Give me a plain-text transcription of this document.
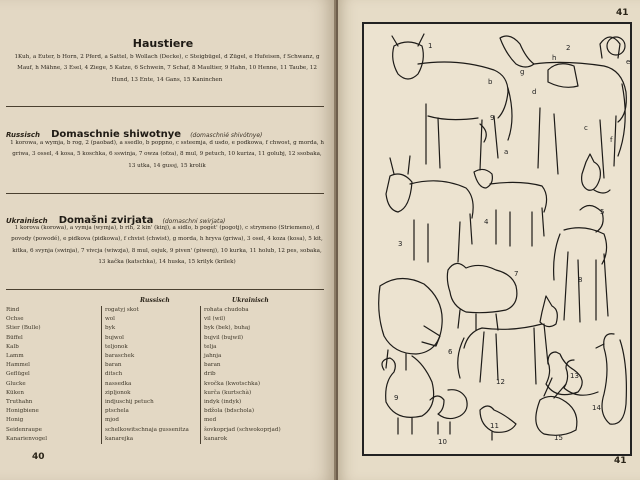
Haustiere
1Kuh, a Euter, b Horn, 2 Pferd, a Sattel, b Wollach (Decke), c Steigbügel, d Zügel, e Hufeisen, f Schwanz, g Mauf, h Mähne, 3 Esel, 4 Ziege, 5 Katze, 6 Schwein, 7 Schaf, 8 Maultier, 9 Hahn, 10 Henne, 11 Taube, 12 Hund, 13 Ente, 14 Gans, 15 Kaninchen
Russisch Domaschnie shiwotnye (domaschnié shivótnye)
1 korowa, a wymja, b rog, 2 (paobad), a ssedlo, b poppno, c ssteemja, d usdo, e podkowa, f chwost, g morda, h griwa, 3 ossel, 4 kosa, 5 koschka, 6 sswinja, 7 owza (ofza), 8 mul, 9 petuch, 10 kuriza, 11 golubj, 12 ssobaka, 13 utka, 14 gussj, 15 krolik
Ukrainisch Domašni zvirjata (domaschni swirjata)
1 korova (korowa), a vymja (wymja), b rih, 2 kin' (kinj), a sidlo, b poget' (pogotj), c strymeno (Striemeno), d povody (powodé), e pidkova (pidkowa), f chvist (chwist), g morda, h hryva (griwa), 3 osel, 4 koza (kosa), 5 kit, kitka, 6 svynja (swinja), 7 vivcja (wiwzja), 8 mul, osjuk, 9 piven' (piwenj), 10 kurka, 11 holub, 12 pes, sobaka, 13 kačka (katschka), 14 huska, 15 krilyk (krilek)
Russisch	Ukrainisch
Rind
Ochse
Stier (Bulle)
Büffel
Kalb
Lamm
Hammel
Geflügel
Glucke
Küken
Truthahn
Honigbiene
Honig
Seidenraupe
Kanarienvogel
rogatyj skot
wol
byk
bujwol
teljonok
baraschek
baran
ditsch
nassedka
zipljonok
indjuschij petuch
ptschela
mjod
schelkowitschnaja gussenitza
kanarejka
rohata chudoba
vil (wil)
byk (bek), buhaj
bujvil (bujwil)
telja
jahnja
baran
drib
kvočka (kwotschka)
kurča (kurtschà)
indyk (indyk)
bdžola (bdschola)
med
šovkoprjad (schwokoprjad)
kanarok
40
41
1	2
3
4
5
6
7
8
9
10
11
12
13
14
15
9
a
b
c
d
e
f
g
h
41
